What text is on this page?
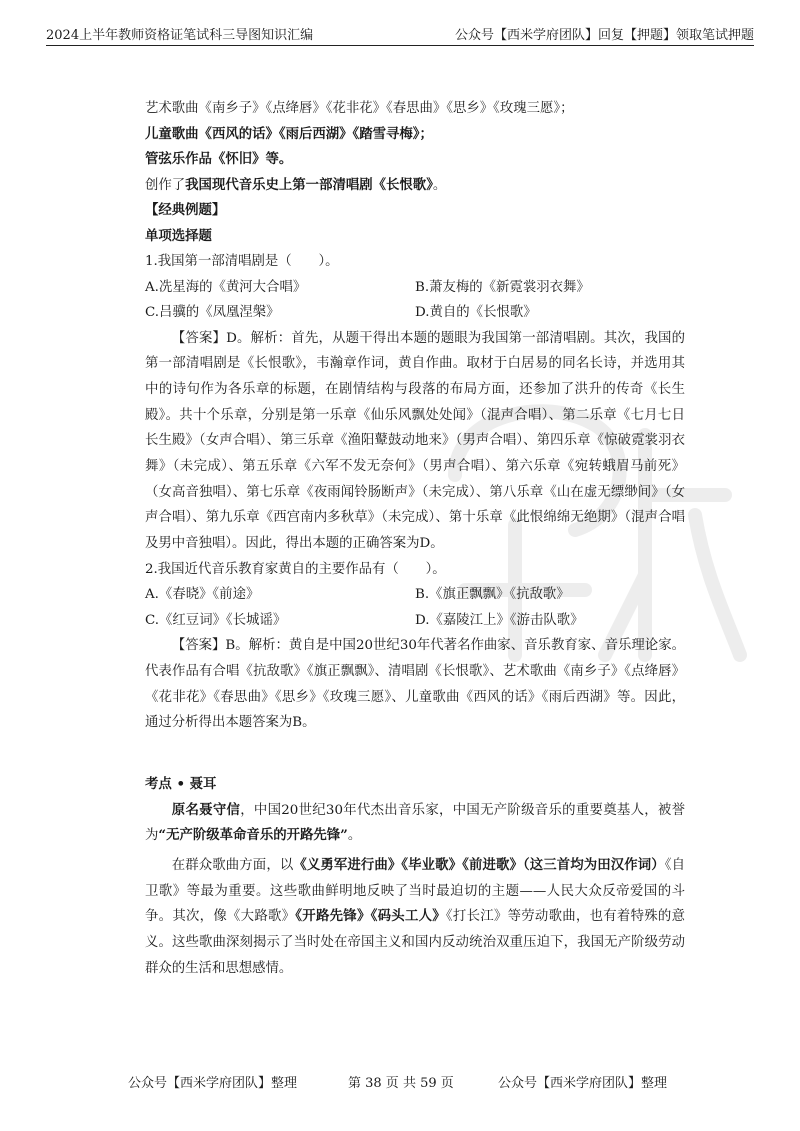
2024上半年教师资格证笔试科三导图知识汇编	公众号【西米学府团队】回复【押题】领取笔试押题
艺术歌曲《南乡子》《点绛唇》《花非花》《春思曲》《思乡》《玫瑰三愿》；
儿童歌曲《西风的话》《雨后西湖》《踏雪寻梅》；
管弦乐作品《怀旧》等。
创作了我国现代音乐史上第一部清唱剧《长恨歌》。
【经典例题】
单项选择题
1.我国第一部清唱剧是（　　）。
A.冼星海的《黄河大合唱》	B.萧友梅的《新霓裳羽衣舞》
C.吕骥的《凤凰涅槃》	D.黄自的《长恨歌》
【答案】D。解析：首先，从题干得出本题的题眼为我国第一部清唱剧。其次，我国的第一部清唱剧是《长恨歌》，韦瀚章作词，黄自作曲。取材于白居易的同名长诗，并选用其中的诗句作为各乐章的标题，在剧情结构与段落的布局方面，还参加了洪升的传奇《长生殿》。共十个乐章，分别是第一乐章《仙乐风飘处处闻》（混声合唱）、第二乐章《七月七日长生殿》（女声合唱）、第三乐章《渔阳鼙鼓动地来》（男声合唱）、第四乐章《惊破霓裳羽衣舞》（未完成）、第五乐章《六军不发无奈何》（男声合唱）、第六乐章《宛转蛾眉马前死》（女高音独唱）、第七乐章《夜雨闻铃肠断声》（未完成）、第八乐章《山在虚无缥缈间》（女声合唱）、第九乐章《西宫南内多秋草》（未完成）、第十乐章《此恨绵绵无绝期》（混声合唱及男中音独唱）。因此，得出本题的正确答案为D。
2.我国近代音乐教育家黄自的主要作品有（　　）。
A.《春晓》《前途》	B.《旗正飘飘》《抗敌歌》
C.《红豆词》《长城谣》	D.《嘉陵江上》《游击队歌》
【答案】B。解析：黄自是中国20世纪30年代著名作曲家、音乐教育家、音乐理论家。代表作品有合唱《抗敌歌》《旗正飘飘》、清唱剧《长恨歌》、艺术歌曲《南乡子》《点绛唇》《花非花》《春思曲》《思乡》《玫瑰三愿》、儿童歌曲《西风的话》《雨后西湖》等。因此，通过分析得出本题答案为B。
考点 • 聂耳
原名聂守信，中国20世纪30年代杰出音乐家，中国无产阶级音乐的重要奠基人，被誉为“无产阶级革命音乐的开路先锋”。
在群众歌曲方面，以《义勇军进行曲》《毕业歌》《前进歌》（这三首均为田汉作词）《自卫歌》等最为重要。这些歌曲鲜明地反映了当时最迫切的主题——人民大众反帝爱国的斗争。其次，像《大路歌》《开路先锋》《码头工人》《打长江》等劳动歌曲，也有着特殊的意义。这些歌曲深刻揭示了当时处在帝国主义和国内反动统治双重压迫下，我国无产阶级劳动群众的生活和思想感情。
公众号【西米学府团队】整理	第 38 页 共 59 页	公众号【西米学府团队】整理
